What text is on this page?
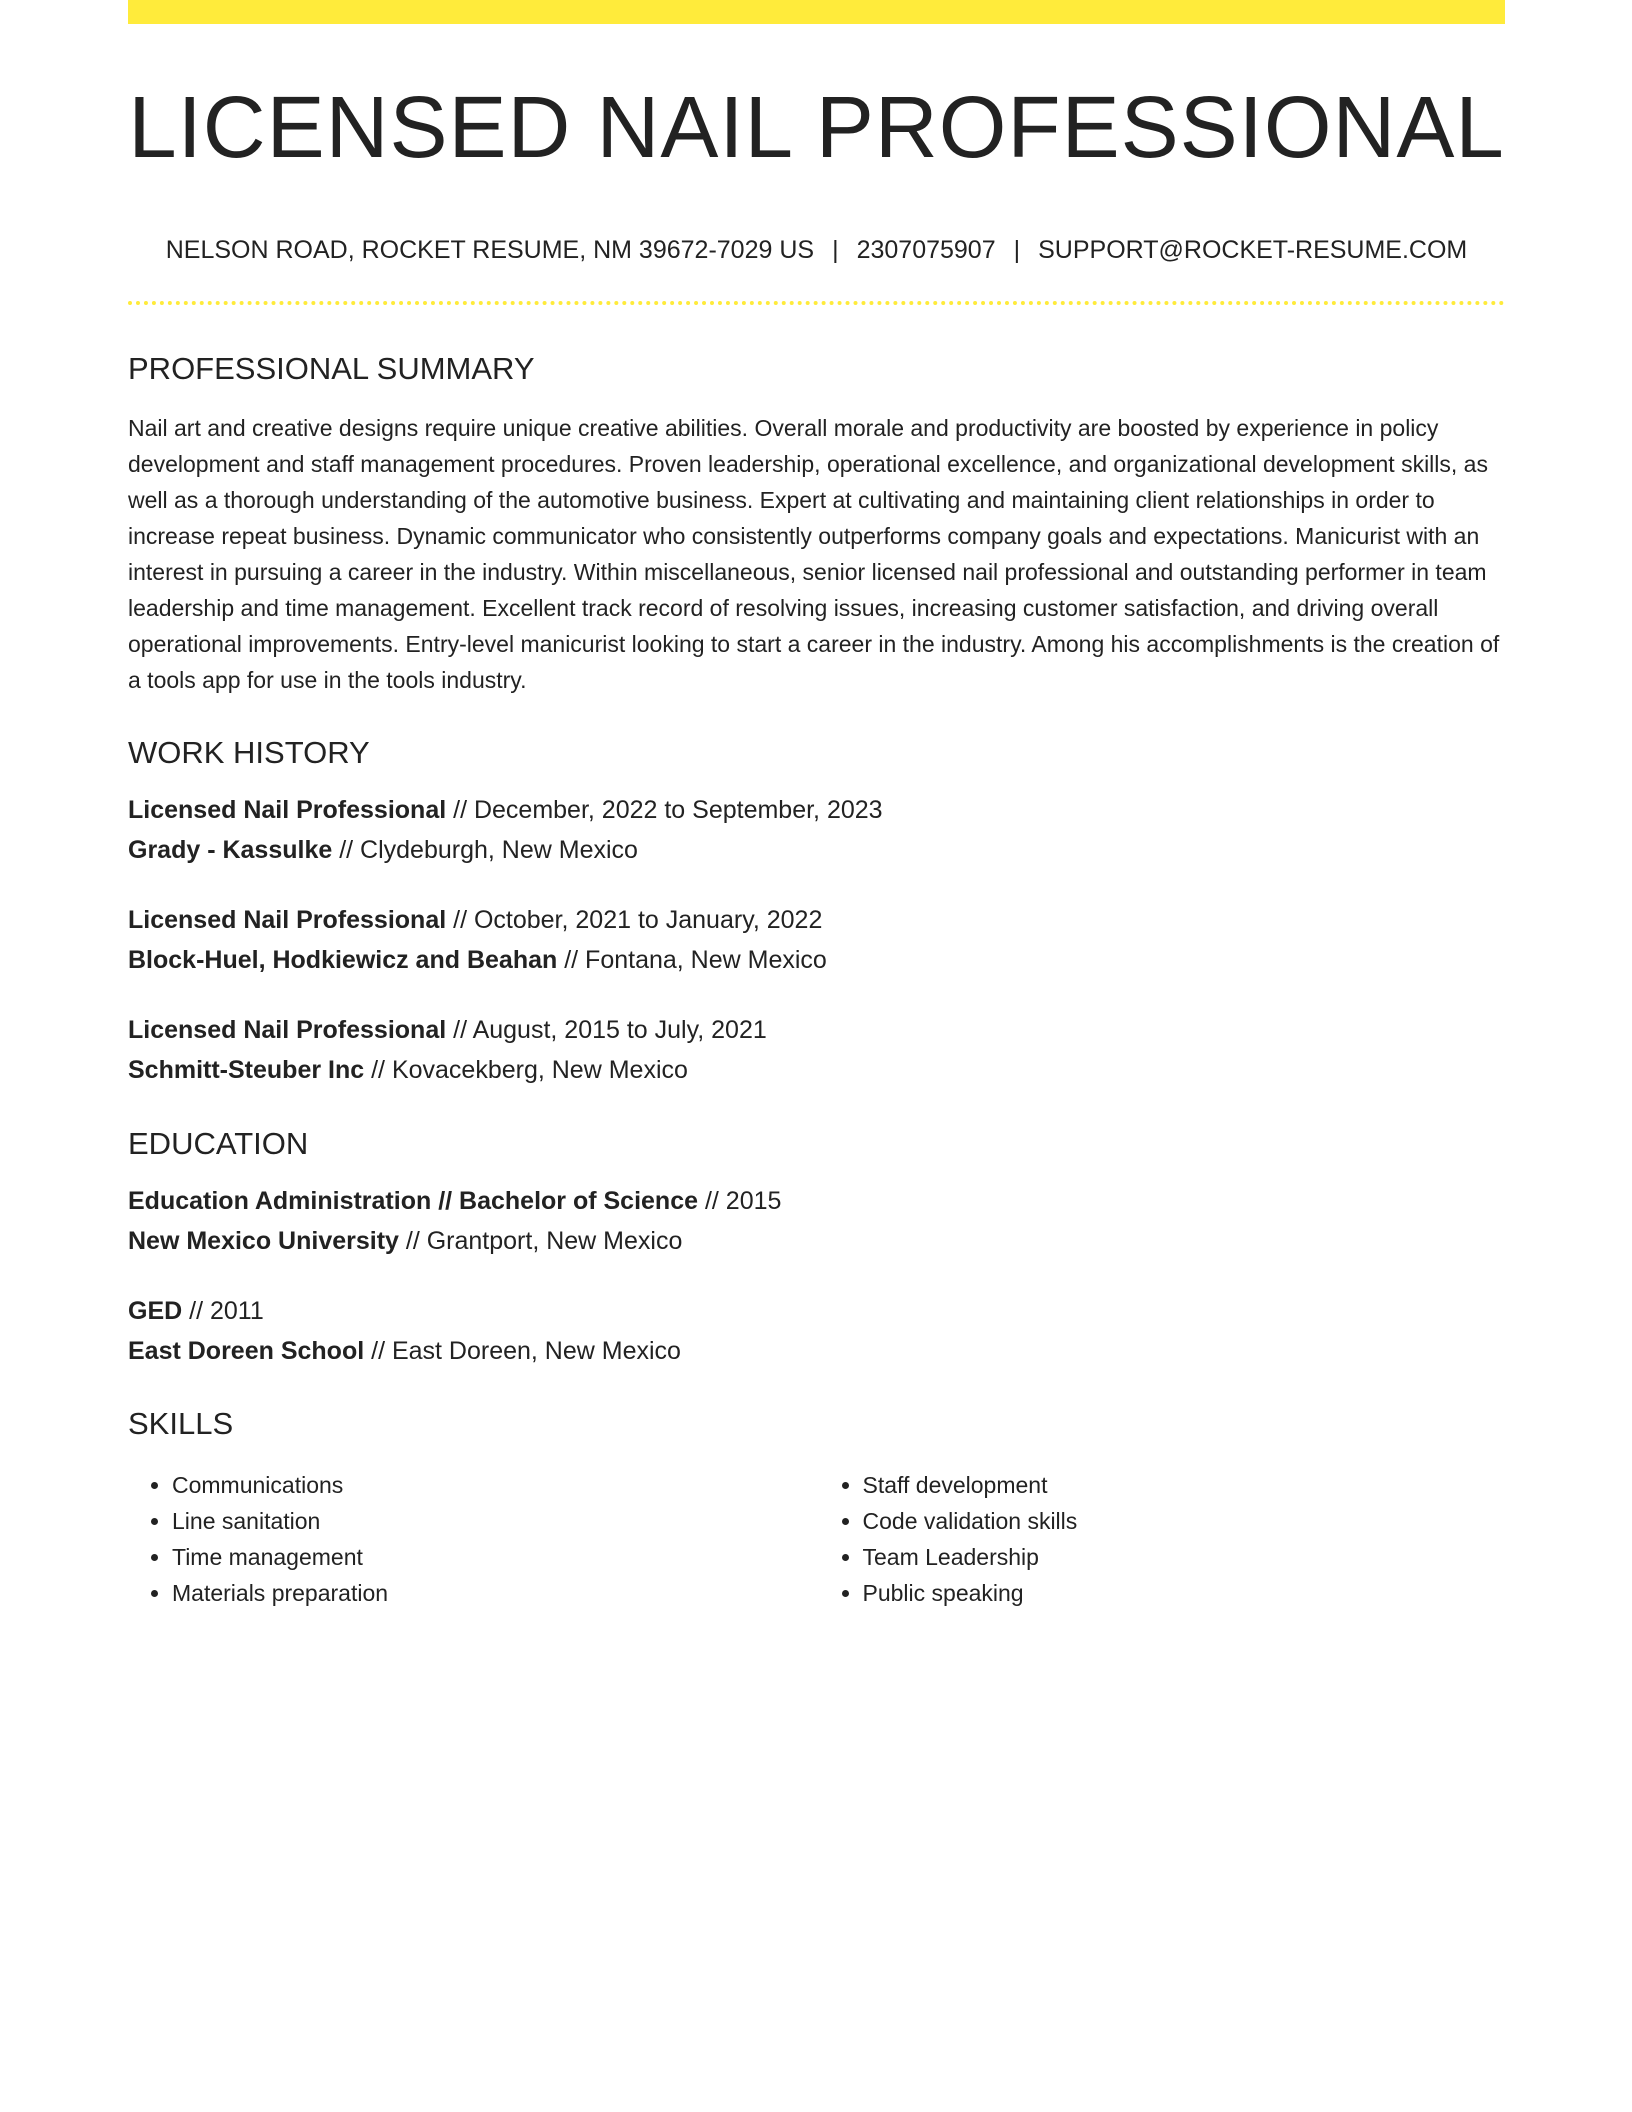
LICENSED NAIL PROFESSIONAL
NELSON ROAD, ROCKET RESUME, NM 39672-7029 US | 2307075907 | SUPPORT@ROCKET-RESUME.COM
PROFESSIONAL SUMMARY

Nail art and creative designs require unique creative abilities. Overall morale and productivity are boosted by experience in policy development and staff management procedures. Proven leadership, operational excellence, and organizational development skills, as well as a thorough understanding of the automotive business. Expert at cultivating and maintaining client relationships in order to increase repeat business. Dynamic communicator who consistently outperforms company goals and expectations. Manicurist with an interest in pursuing a career in the industry. Within miscellaneous, senior licensed nail professional and outstanding performer in team leadership and time management. Excellent track record of resolving issues, increasing customer satisfaction, and driving overall operational improvements. Entry-level manicurist looking to start a career in the industry. Among his accomplishments is the creation of a tools app for use in the tools industry.

WORK HISTORY
Licensed Nail Professional // December, 2022 to September, 2023
Grady - Kassulke // Clydeburgh, New Mexico
Licensed Nail Professional // October, 2021 to January, 2022
Block-Huel, Hodkiewicz and Beahan // Fontana, New Mexico
Licensed Nail Professional // August, 2015 to July, 2021
Schmitt-Steuber Inc // Kovacekberg, New Mexico
EDUCATION
Education Administration // Bachelor of Science // 2015
New Mexico University // Grantport, New Mexico
GED // 2011
East Doreen School // East Doreen, New Mexico
SKILLS
• Communications
• Line sanitation
• Time management
• Materials preparation
• Staff development
• Code validation skills
• Team Leadership
• Public speaking
